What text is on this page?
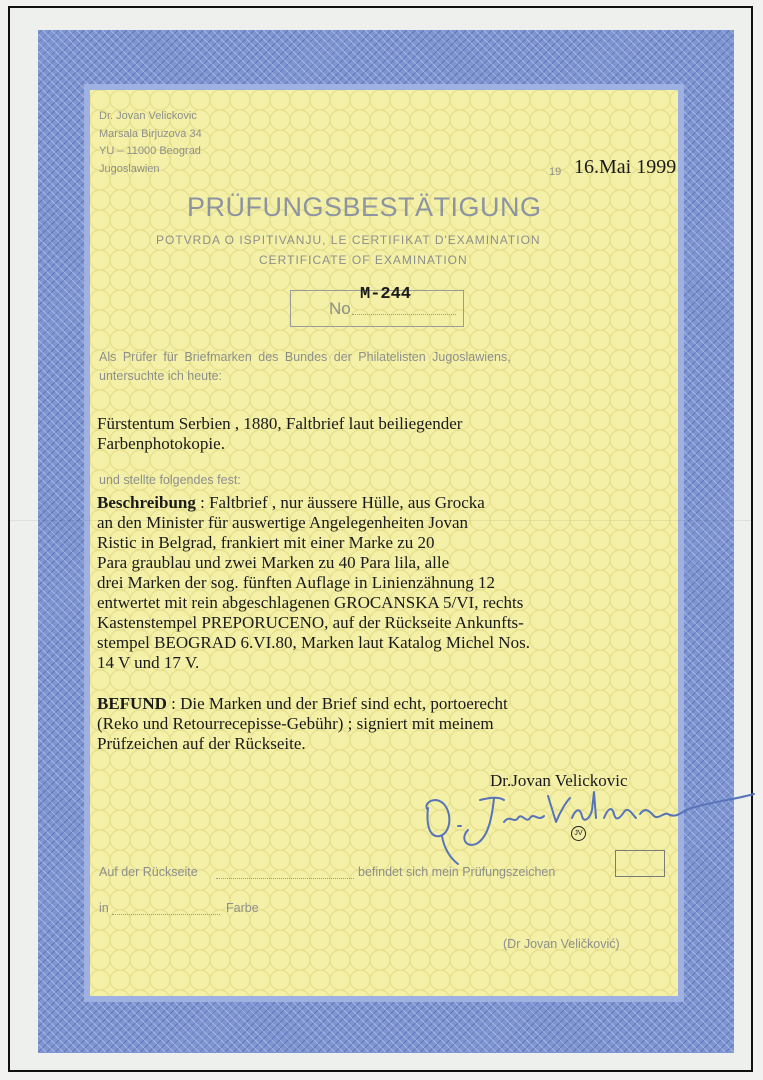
Dr. Jovan Velickovic
Marsala Birjuzova 34
YU – 11000 Beograd
Jugoslawien	19 16.Mai 1999
PRÜFUNGSBESTÄTIGUNG
POTVRDA O ISPITIVANJU, LE CERTIFIKAT D'EXAMINATION
CERTIFICATE OF EXAMINATION
No
M-244
Als Prüfer für Briefmarken des Bundes der Philatelisten Jugoslawiens,
untersuchte ich heute:
Fürstentum Serbien , 1880, Faltbrief laut beiliegender
Farbenphotokopie.
und stellte folgendes fest:
Beschreibung : Faltbrief , nur äussere Hülle, aus Grocka
an den Minister für auswertige Angelegenheiten Jovan
Ristic in Belgrad, frankiert mit einer Marke zu 20
Para graublau und zwei Marken zu 40 Para lila, alle
drei Marken der sog. fünften Auflage in Linienzähnung 12
entwertet mit rein abgeschlagenen GROCANSKA 5/VI, rechts
Kastenstempel PREPORUCENO, auf der Rückseite Ankunfts-
stempel BEOGRAD 6.VI.80, Marken laut Katalog Michel Nos.
14 V und 17 V.
BEFUND : Die Marken und der Brief sind echt, portoerecht
(Reko und Retourrecepisse-Gebühr) ; signiert mit meinem
Prüfzeichen auf der Rückseite.
Dr.Jovan Velickovic
JV
Auf der Rückseite	befindet sich mein Prüfungszeichen
in	Farbe
(Dr Jovan Veličković)
